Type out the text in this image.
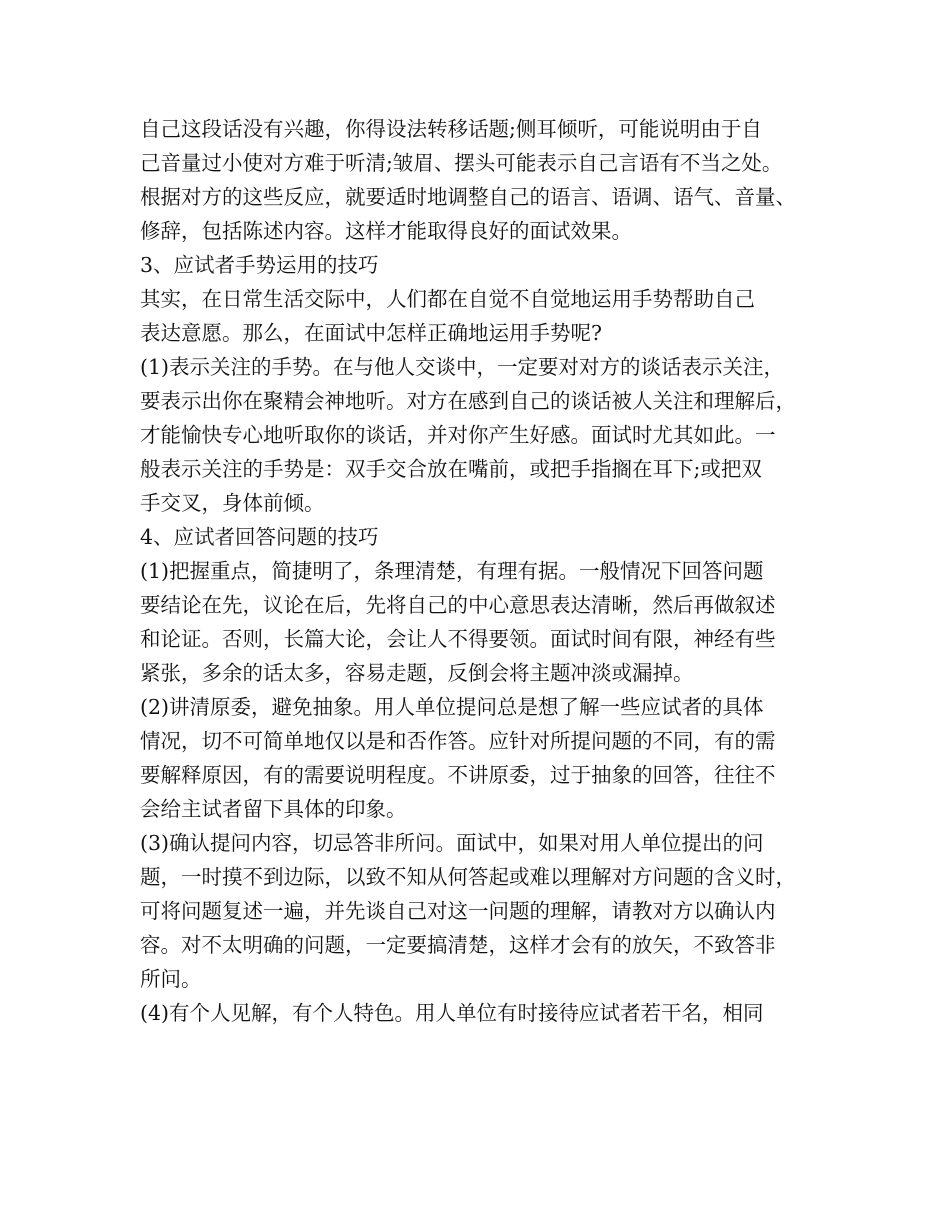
自己这段话没有兴趣，你得设法转移话题;侧耳倾听，可能说明由于自
己音量过小使对方难于听清;皱眉、摆头可能表示自己言语有不当之处。
根据对方的这些反应，就要适时地调整自己的语言、语调、语气、音量、
修辞，包括陈述内容。这样才能取得良好的面试效果。
3、应试者手势运用的技巧
其实，在日常生活交际中，人们都在自觉不自觉地运用手势帮助自己
表达意愿。那么，在面试中怎样正确地运用手势呢?
(1)表示关注的手势。在与他人交谈中，一定要对对方的谈话表示关注，
要表示出你在聚精会神地听。对方在感到自己的谈话被人关注和理解后，
才能愉快专心地听取你的谈话，并对你产生好感。面试时尤其如此。一
般表示关注的手势是：双手交合放在嘴前，或把手指搁在耳下;或把双
手交叉，身体前倾。
4、应试者回答问题的技巧
(1)把握重点，简捷明了，条理清楚，有理有据。一般情况下回答问题
要结论在先，议论在后，先将自己的中心意思表达清晰，然后再做叙述
和论证。否则，长篇大论，会让人不得要领。面试时间有限，神经有些
紧张，多余的话太多，容易走题，反倒会将主题冲淡或漏掉。
(2)讲清原委，避免抽象。用人单位提问总是想了解一些应试者的具体
情况，切不可简单地仅以是和否作答。应针对所提问题的不同，有的需
要解释原因，有的需要说明程度。不讲原委，过于抽象的回答，往往不
会给主试者留下具体的印象。
(3)确认提问内容，切忌答非所问。面试中，如果对用人单位提出的问
题，一时摸不到边际，以致不知从何答起或难以理解对方问题的含义时，
可将问题复述一遍，并先谈自己对这一问题的理解，请教对方以确认内
容。对不太明确的问题，一定要搞清楚，这样才会有的放矢，不致答非
所问。
(4)有个人见解，有个人特色。用人单位有时接待应试者若干名，相同
